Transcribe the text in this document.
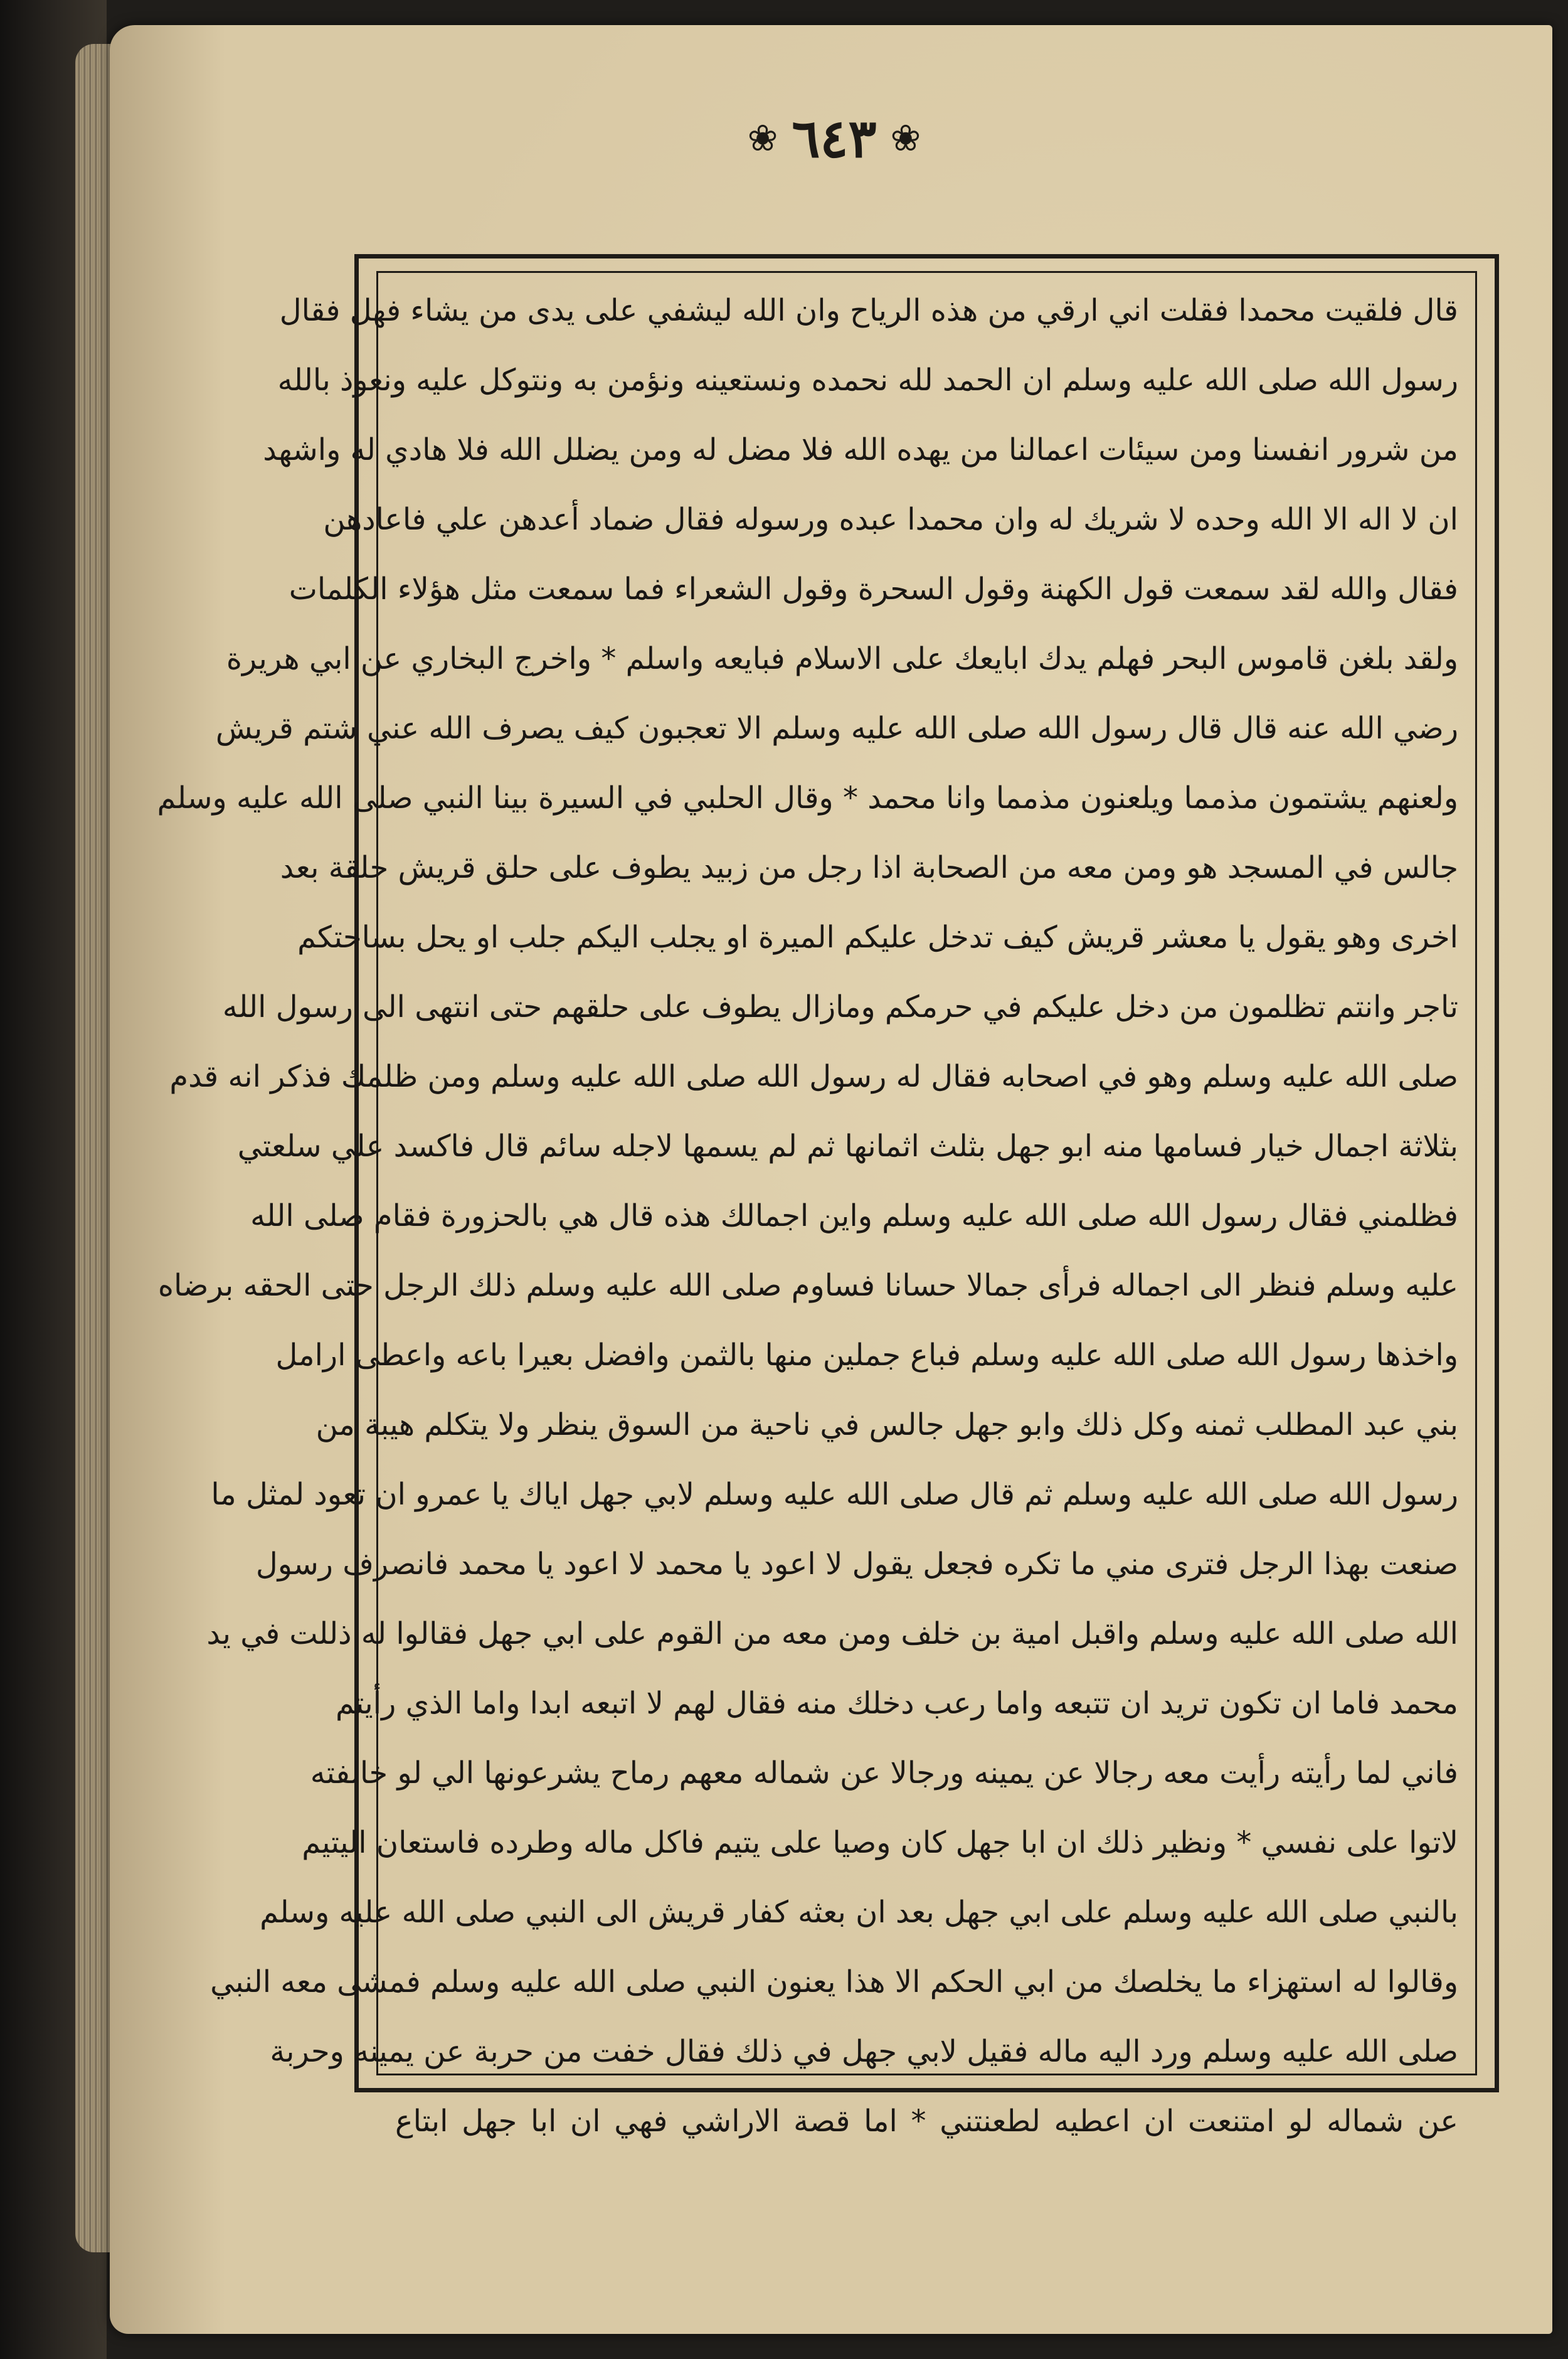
❀ ٦٤٣ ❀
قال فلقيت محمدا فقلت اني ارقي من هذه الرياح وان الله ليشفي على يدى من يشاء فهل فقال
رسول الله صلى الله عليه وسلم ان الحمد لله نحمده ونستعينه ونؤمن به ونتوكل عليه ونعوذ بالله
من شرور انفسنا ومن سيئات اعمالنا من يهده الله فلا مضل له ومن يضلل الله فلا هادي له واشهد
ان لا اله الا الله وحده لا شريك له وان محمدا عبده ورسوله فقال ضماد أعدهن علي فاعادهن
فقال والله لقد سمعت قول الكهنة وقول السحرة وقول الشعراء فما سمعت مثل هؤلاء الكلمات
ولقد بلغن قاموس البحر فهلم يدك ابايعك على الاسلام فبايعه واسلم * واخرج البخاري عن ابي هريرة
رضي الله عنه قال قال رسول الله صلى الله عليه وسلم الا تعجبون كيف يصرف الله عني شتم قريش
ولعنهم يشتمون مذمما ويلعنون مذمما وانا محمد * وقال الحلبي في السيرة بينا النبي صلى الله عليه وسلم
جالس في المسجد هو ومن معه من الصحابة اذا رجل من زبيد يطوف على حلق قريش حلقة بعد
اخرى وهو يقول يا معشر قريش كيف تدخل عليكم الميرة او يجلب اليكم جلب او يحل بساحتكم
تاجر وانتم تظلمون من دخل عليكم في حرمكم ومازال يطوف على حلقهم حتى انتهى الى رسول الله
صلى الله عليه وسلم وهو في اصحابه فقال له رسول الله صلى الله عليه وسلم ومن ظلمك فذكر انه قدم
بثلاثة اجمال خيار فسامها منه ابو جهل بثلث اثمانها ثم لم يسمها لاجله سائم قال فاكسد علي سلعتي
فظلمني فقال رسول الله صلى الله عليه وسلم واين اجمالك هذه قال هي بالحزورة فقام صلى الله
عليه وسلم فنظر الى اجماله فرأى جمالا حسانا فساوم صلى الله عليه وسلم ذلك الرجل حتى الحقه برضاه
واخذها رسول الله صلى الله عليه وسلم فباع جملين منها بالثمن وافضل بعيرا باعه واعطى ارامل
بني عبد المطلب ثمنه وكل ذلك وابو جهل جالس في ناحية من السوق ينظر ولا يتكلم هيبة من
رسول الله صلى الله عليه وسلم ثم قال صلى الله عليه وسلم لابي جهل اياك يا عمرو ان تعود لمثل ما
صنعت بهذا الرجل فترى مني ما تكره فجعل يقول لا اعود يا محمد لا اعود يا محمد فانصرف رسول
الله صلى الله عليه وسلم واقبل امية بن خلف ومن معه من القوم على ابي جهل فقالوا له ذللت في يد
محمد فاما ان تكون تريد ان تتبعه واما رعب دخلك منه فقال لهم لا اتبعه ابدا واما الذي رأيتم
فاني لما رأيته رأيت معه رجالا عن يمينه ورجالا عن شماله معهم رماح يشرعونها الي لو خالفته
لاتوا على نفسي * ونظير ذلك ان ابا جهل كان وصيا على يتيم فاكل ماله وطرده فاستعان اليتيم
بالنبي صلى الله عليه وسلم على ابي جهل بعد ان بعثه كفار قريش الى النبي صلى الله عليه وسلم
وقالوا له استهزاء ما يخلصك من ابي الحكم الا هذا يعنون النبي صلى الله عليه وسلم فمشى معه النبي
صلى الله عليه وسلم ورد اليه ماله فقيل لابي جهل في ذلك فقال خفت من حربة عن يمينه وحربة
عن شماله لو امتنعت ان اعطيه لطعنتني * اما قصة الاراشي فهي ان ابا جهل ابتاع
